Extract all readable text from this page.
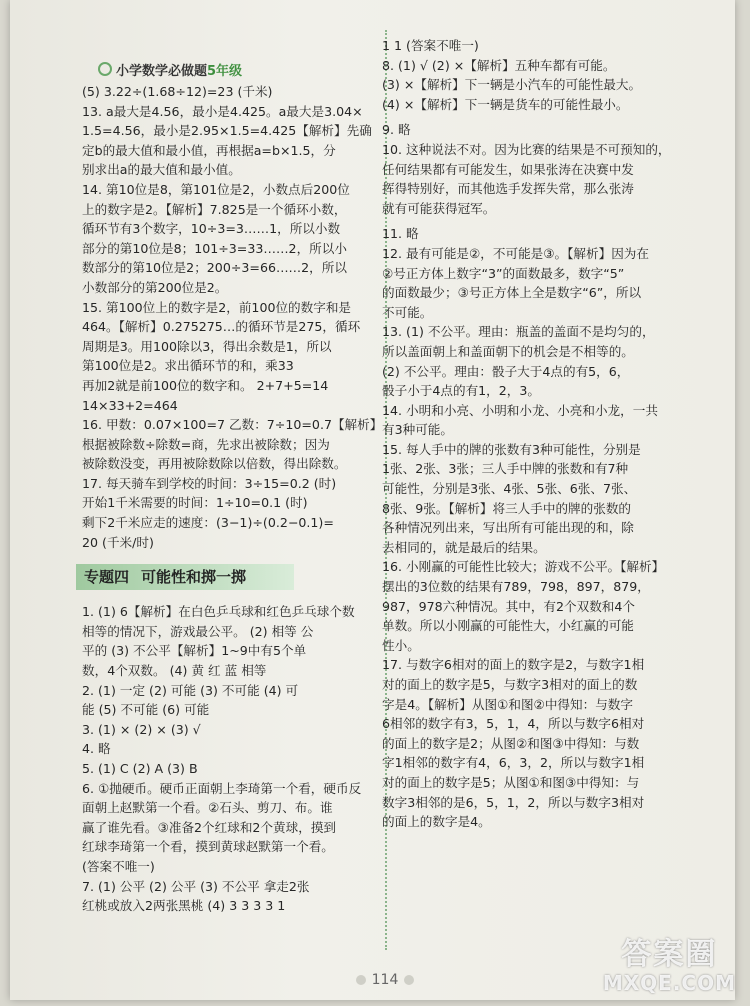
小学数学必做题5年级

(5) 3.22÷(1.68÷12)=23 (千米)

13. a最大是4.56，最小是4.425。a最大是3.04×

1.5=4.56，最小是2.95×1.5=4.425【解析】先确

定b的最大值和最小值，再根据a=b×1.5，分

别求出a的最大值和最小值。

14. 第10位是8，第101位是2，小数点后200位

上的数字是2。【解析】7.825是一个循环小数，

循环节有3个数字，10÷3=3……1，所以小数

部分的第10位是8；101÷3=33……2，所以小

数部分的第10位是2；200÷3=66……2，所以

小数部分的第200位是2。

15. 第100位上的数字是2，前100位的数字和是

464。【解析】0.275275…的循环节是275，循环

周期是3。用100除以3，得出余数是1，所以

第100位是2。求出循环节的和，乘33

再加2就是前100位的数字和。 2+7+5=14

14×33+2=464

16. 甲数：0.07×100=7 乙数：7÷10=0.7【解析】

根据被除数÷除数=商，先求出被除数；因为

被除数没变，再用被除数除以倍数，得出除数。

17. 每天骑车到学校的时间：3÷15=0.2 (时)

开始1千米需要的时间：1÷10=0.1 (时)

剩下2千米应走的速度：(3−1)÷(0.2−0.1)=

20 (千米/时)

专题四 可能性和掷一掷

1. (1) 6【解析】在白色乒乓球和红色乒乓球个数

相等的情况下，游戏最公平。 (2) 相等 公

平的 (3) 不公平【解析】1~9中有5个单

数，4个双数。 (4) 黄 红 蓝 相等

2. (1) 一定 (2) 可能 (3) 不可能 (4) 可

能 (5) 不可能 (6) 可能

3. (1) × (2) × (3) √

4. 略

5. (1) C (2) A (3) B

6. ①抛硬币。硬币正面朝上李琦第一个看，硬币反

面朝上赵默第一个看。②石头、剪刀、布。谁

赢了谁先看。③准备2个红球和2个黄球，摸到

红球李琦第一个看，摸到黄球赵默第一个看。

(答案不唯一)

7. (1) 公平 (2) 公平 (3) 不公平 拿走2张

红桃或放入2两张黑桃 (4) 3 3 3 3 1

1 1 (答案不唯一)

8. (1) √ (2) ×【解析】五种车都有可能。

(3) ×【解析】下一辆是小汽车的可能性最大。

(4) ×【解析】下一辆是货车的可能性最小。

9. 略

10. 这种说法不对。因为比赛的结果是不可预知的，

任何结果都有可能发生，如果张涛在决赛中发

挥得特别好，而其他选手发挥失常，那么张涛

就有可能获得冠军。

11. 略

12. 最有可能是②，不可能是③。【解析】因为在

②号正方体上数字“3”的面数最多，数字“5”

的面数最少；③号正方体上全是数字“6”，所以

不可能。

13. (1) 不公平。理由：瓶盖的盖面不是均匀的，

所以盖面朝上和盖面朝下的机会是不相等的。

(2) 不公平。理由：骰子大于4点的有5，6，

骰子小于4点的有1，2，3。

14. 小明和小亮、小明和小龙、小亮和小龙，一共

有3种可能。

15. 每人手中的牌的张数有3种可能性，分别是

1张、2张、3张；三人手中牌的张数和有7种

可能性，分别是3张、4张、5张、6张、7张、

8张、9张。【解析】将三人手中的牌的张数的

各种情况列出来，写出所有可能出现的和，除

去相同的，就是最后的结果。

16. 小刚赢的可能性比较大；游戏不公平。【解析】

摆出的3位数的结果有789，798，897，879，

987，978六种情况。其中，有2个双数和4个

单数。所以小刚赢的可能性大，小红赢的可能

性小。

17. 与数字6相对的面上的数字是2，与数字1相

对的面上的数字是5，与数字3相对的面上的数

字是4。【解析】从图①和图②中得知：与数字

6相邻的数字有3，5，1，4，所以与数字6相对

的面上的数字是2；从图②和图③中得知：与数

字1相邻的数字有4，6，3，2，所以与数字1相

对的面上的数字是5；从图①和图③中得知：与

数字3相邻的是6，5，1，2，所以与数字3相对

的面上的数字是4。

114
答案圈
MXQE.COM
